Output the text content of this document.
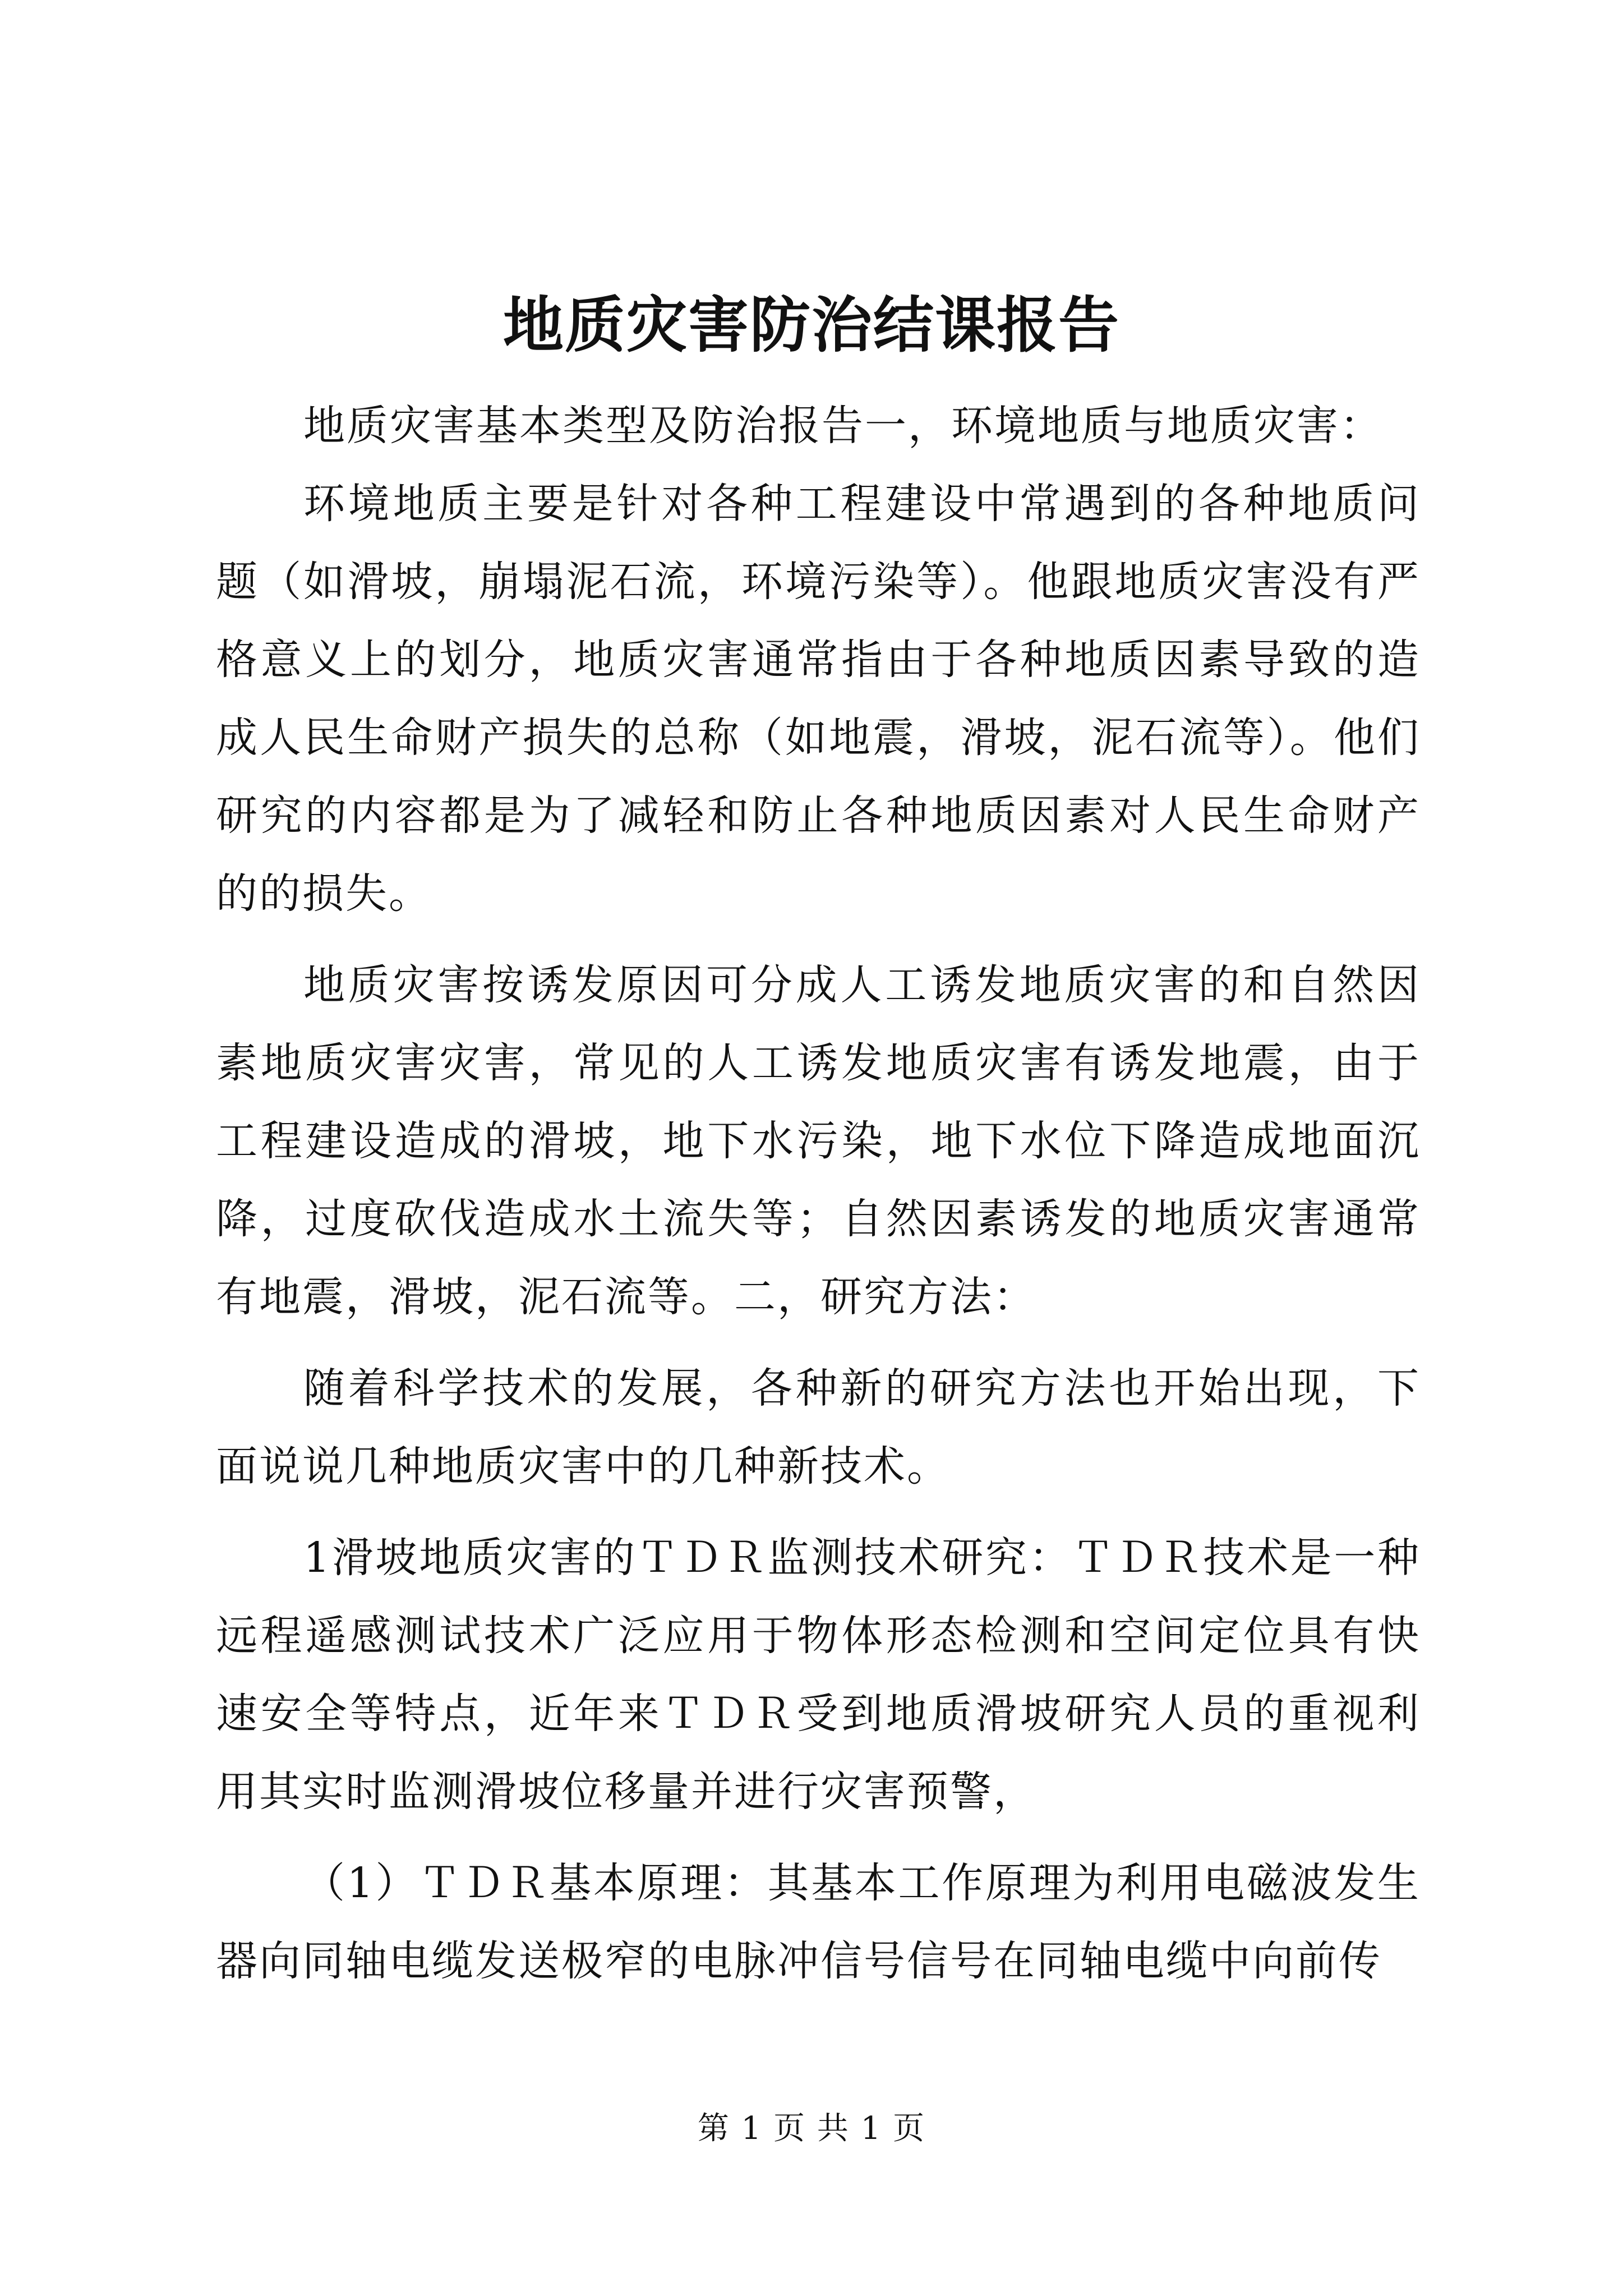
地质灾害防治结课报告

地质灾害基本类型及防治报告一，环境地质与地质灾害：

环境地质主要是针对各种工程建设中常遇到的各种地质问题（如滑坡，崩塌泥石流，环境污染等）。他跟地质灾害没有严格意义上的划分，地质灾害通常指由于各种地质因素导致的造成人民生命财产损失的总称（如地震，滑坡，泥石流等）。他们研究的内容都是为了减轻和防止各种地质因素对人民生命财产的的损失。

地质灾害按诱发原因可分成人工诱发地质灾害的和自然因素地质灾害灾害，常见的人工诱发地质灾害有诱发地震，由于工程建设造成的滑坡，地下水污染，地下水位下降造成地面沉降，过度砍伐造成水土流失等；自然因素诱发的地质灾害通常有地震，滑坡，泥石流等。二，研究方法：

随着科学技术的发展，各种新的研究方法也开始出现，下面说说几种地质灾害中的几种新技术。

1滑坡地质灾害的ＴＤＲ监测技术研究：ＴＤＲ技术是一种远程遥感测试技术广泛应用于物体形态检测和空间定位具有快速安全等特点，近年来ＴＤＲ受到地质滑坡研究人员的重视利用其实时监测滑坡位移量并进行灾害预警，

（1）ＴＤＲ基本原理：其基本工作原理为利用电磁波发生器向同轴电缆发送极窄的电脉冲信号信号在同轴电缆中向前传

第 1 页 共 1 页
